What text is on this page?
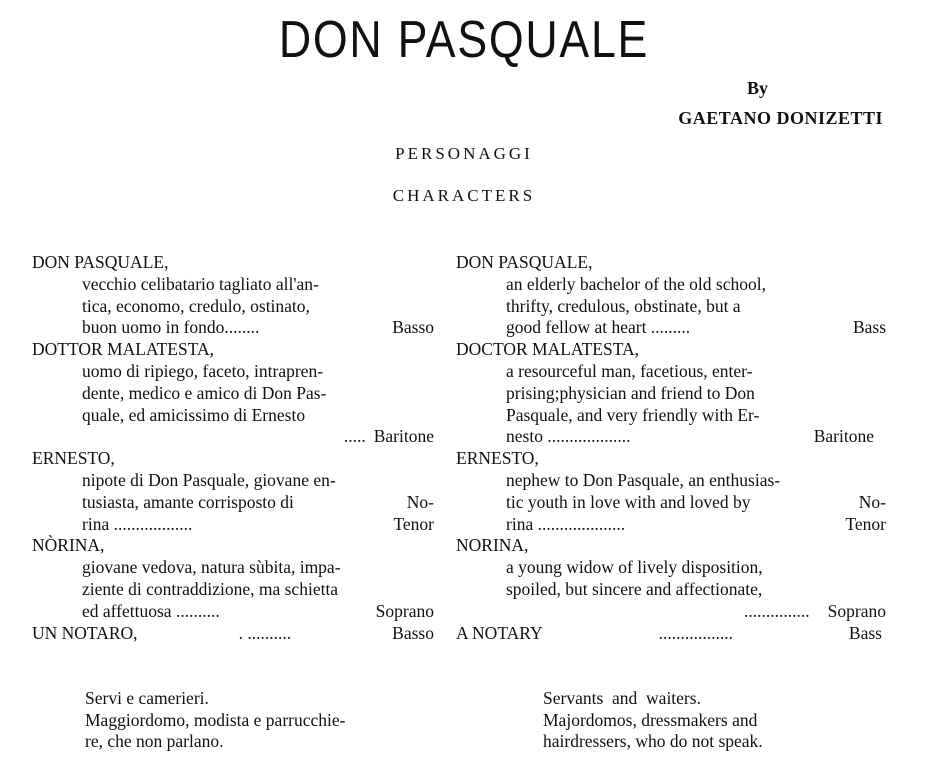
DON PASQUALE
By
GAETANO DONIZETTI
PERSONAGGI
CHARACTERS
DON PASQUALE,
vecchio celibatario tagliato all'an-
tica, economo, credulo, ostinato,
buon uomo in fondo........	Basso
DOTTOR MALATESTA,
uomo di ripiego, faceto, intrapren-
dente, medico e amico di Don Pas-
quale, ed amicissimo di Ernesto
..... Baritone
ERNESTO,
nipote di Don Pasquale, giovane en-
tusiasta, amante corrisposto di	No-
rina ..................	Tenor
NÒRINA,
giovane vedova, natura sùbita, impa-
ziente di contraddizione, ma schietta
ed affettuosa ..........	Soprano
UN NOTARO,	. ..........	Basso
DON PASQUALE,
an elderly bachelor of the old school,
thrifty, credulous, obstinate, but a
good fellow at heart .........	Bass
DOCTOR MALATESTA,
a resourceful man, facetious, enter-
prising;physician and friend to Don
Pasquale, and very friendly with Er-
nesto ...................	Baritone
ERNESTO,
nephew to Don Pasquale, an enthusias-
tic youth in love with and loved by	No-
rina ....................	Tenor
NORINA,
a young widow of lively disposition,
spoiled, but sincere and affectionate,
............... Soprano
A NOTARY	.................	Bass
Servi e camerieri.
Maggiordomo, modista e parrucchie-
re, che non parlano.
Servants  and  waiters.
Majordomos, dressmakers and
hairdressers, who do not speak.
